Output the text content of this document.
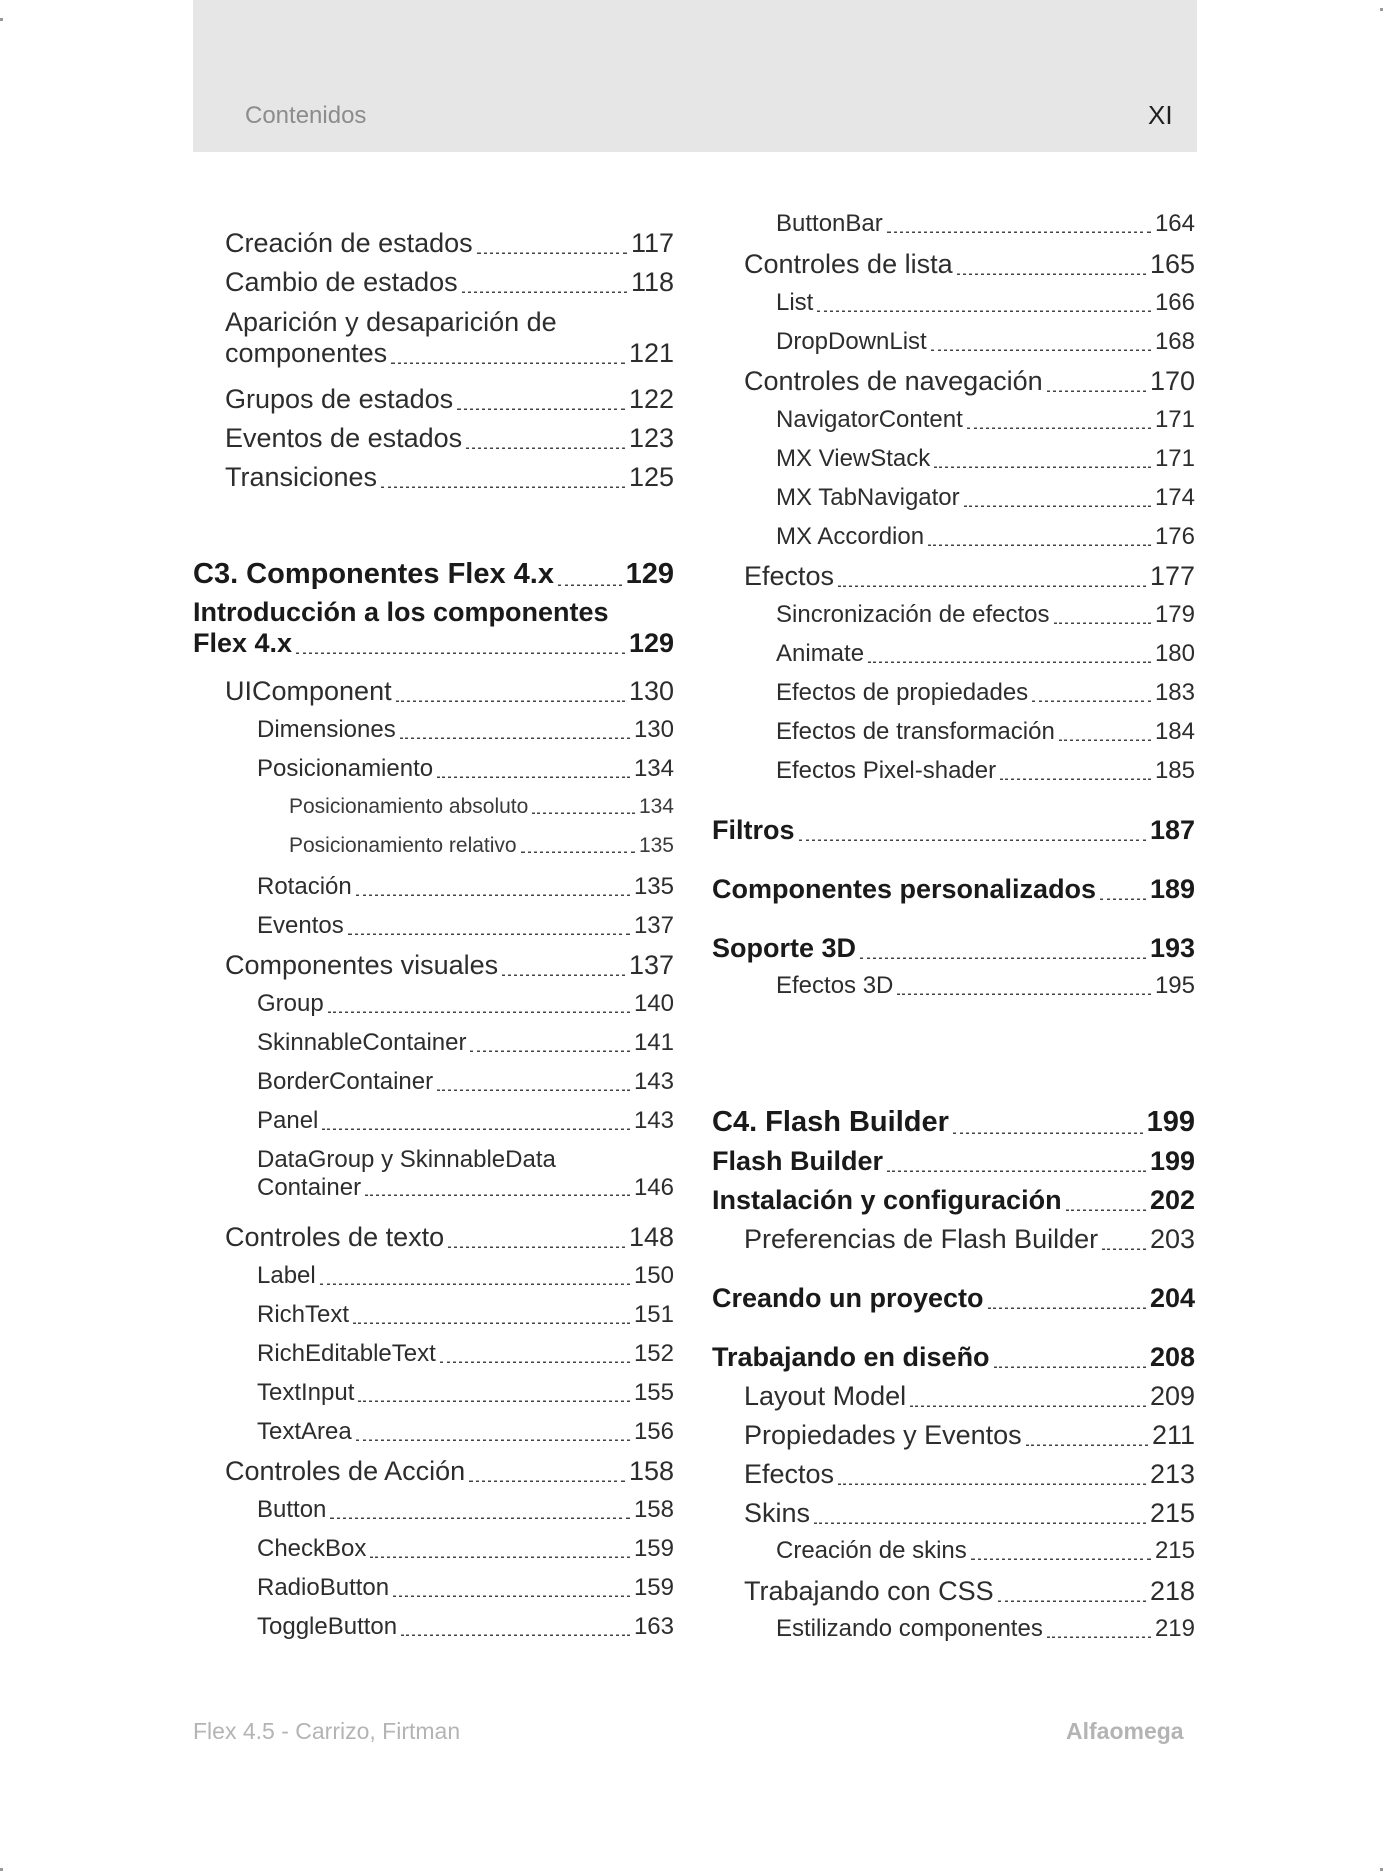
Contenidos	XI
Creación de estados	117
Cambio de estados	118
Aparición y desaparición de
componentes	121
Grupos de estados	122
Eventos de estados	123
Transiciones	125
C3. Componentes Flex 4.x 129
Introducción a los componentes
Flex 4.x	129
UIComponent	130
Dimensiones	130
Posicionamiento	134
Posicionamiento absoluto	134
Posicionamiento relativo	135
Rotación	135
Eventos	137
Componentes visuales	137
Group	140
SkinnableContainer	141
BorderContainer	143
Panel	143
DataGroup y SkinnableData
Container	146
Controles de texto	148
Label	150
RichText	151
RichEditableText	152
TextInput	155
TextArea	156
Controles de Acción	158
Button	158
CheckBox	159
RadioButton	159
ToggleButton	163
ButtonBar	164
Controles de lista	165
List	166
DropDownList	168
Controles de navegación	170
NavigatorContent	171
MX ViewStack	171
MX TabNavigator	174
MX Accordion	176
Efectos	177
Sincronización de efectos	179
Animate	180
Efectos de propiedades	183
Efectos de transformación	184
Efectos Pixel-shader	185
Filtros	187
Componentes personalizados 189
Soporte 3D	193
Efectos 3D	195
C4. Flash Builder	199
Flash Builder	199
Instalación y configuración	202
Preferencias de Flash Builder 203
Creando un proyecto	204
Trabajando en diseño	208
Layout Model	209
Propiedades y Eventos	211
Efectos	213
Skins	215
Creación de skins	215
Trabajando con CSS	218
Estilizando componentes	219
Flex 4.5 - Carrizo, Firtman	Alfaomega
